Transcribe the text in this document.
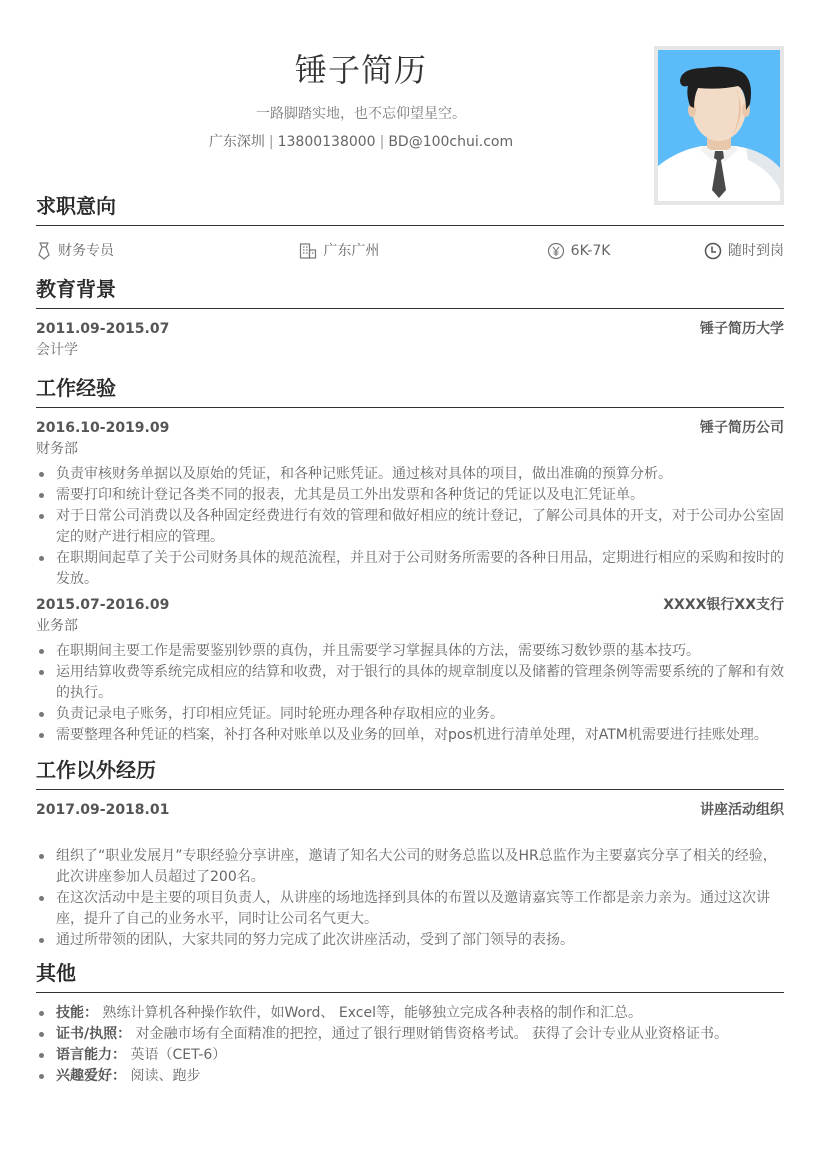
锤子简历
一路脚踏实地，也不忘仰望星空。
广东深圳 | 13800138000 | BD@100chui.com
求职意向
财务专员	广东广州	6K-7K	随时到岗
教育背景
2011.09-2015.07	锤子简历大学
会计学
工作经验
2016.10-2019.09	锤子简历公司
财务部
负责审核财务单据以及原始的凭证，和各种记账凭证。通过核对具体的项目，做出准确的预算分析。
需要打印和统计登记各类不同的报表，尤其是员工外出发票和各种货记的凭证以及电汇凭证单。
对于日常公司消费以及各种固定经费进行有效的管理和做好相应的统计登记，了解公司具体的开支，对于公司办公室固定的财产进行相应的管理。
在职期间起草了关于公司财务具体的规范流程，并且对于公司财务所需要的各种日用品，定期进行相应的采购和按时的发放。
2015.07-2016.09	XXXX银行XX支行
业务部
在职期间主要工作是需要鉴别钞票的真伪，并且需要学习掌握具体的方法，需要练习数钞票的基本技巧。
运用结算收费等系统完成相应的结算和收费，对于银行的具体的规章制度以及储蓄的管理条例等需要系统的了解和有效的执行。
负责记录电子账务，打印相应凭证。同时轮班办理各种存取相应的业务。
需要整理各种凭证的档案，补打各种对账单以及业务的回单，对pos机进行清单处理，对ATM机需要进行挂账处理。
工作以外经历
2017.09-2018.01	讲座活动组织
组织了“职业发展月”专职经验分享讲座，邀请了知名大公司的财务总监以及HR总监作为主要嘉宾分享了相关的经验，此次讲座参加人员超过了200名。
在这次活动中是主要的项目负责人，从讲座的场地选择到具体的布置以及邀请嘉宾等工作都是亲力亲为。通过这次讲座，提升了自己的业务水平，同时让公司名气更大。
通过所带领的团队，大家共同的努力完成了此次讲座活动，受到了部门领导的表扬。
其他
技能： 熟练计算机各种操作软件，如Word、 Excel等，能够独立完成各种表格的制作和汇总。
证书/执照： 对金融市场有全面精准的把控，通过了银行理财销售资格考试。 获得了会计专业从业资格证书。
语言能力： 英语（CET-6）
兴趣爱好： 阅读、跑步
